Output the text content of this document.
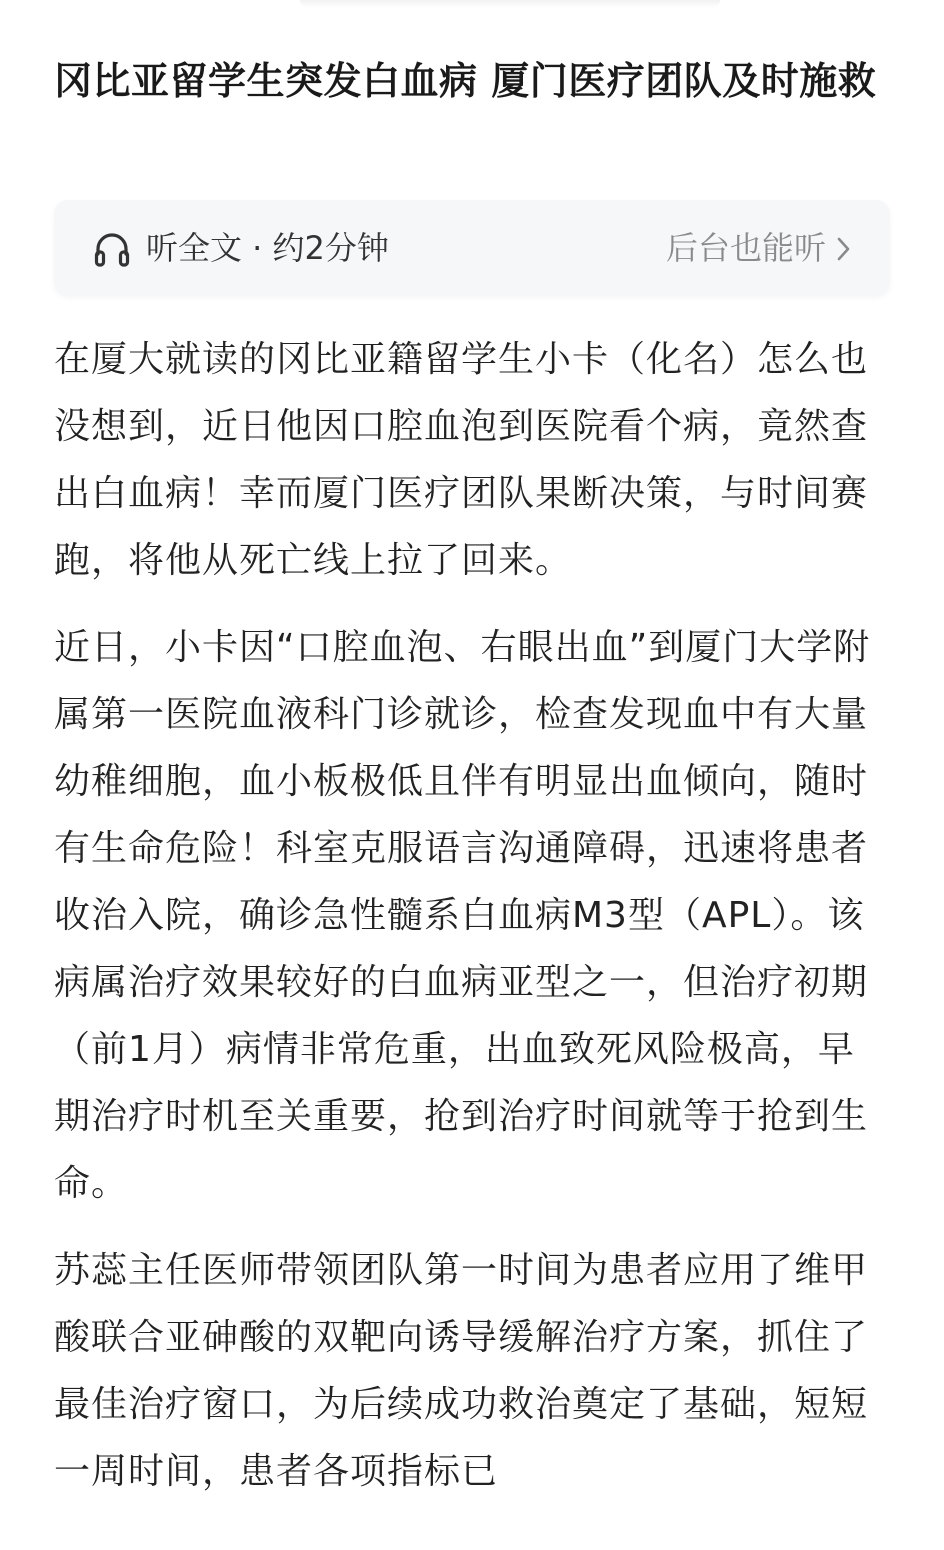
冈比亚留学生突发白血病 厦门医疗团队及时施救
听全文 · 约2分钟	后台也能听

在厦大就读的冈比亚籍留学生小卡（化名）怎么也没想到，近日他因口腔血泡到医院看个病，竟然查出白血病！幸而厦门医疗团队果断决策，与时间赛跑，将他从死亡线上拉了回来。

近日，小卡因“口腔血泡、右眼出血”到厦门大学附属第一医院血液科门诊就诊，检查发现血中有大量幼稚细胞，血小板极低且伴有明显出血倾向，随时有生命危险！科室克服语言沟通障碍，迅速将患者收治入院，确诊急性髓系白血病M3型（APL）。该病属治疗效果较好的白血病亚型之一，但治疗初期（前1月）病情非常危重，出血致死风险极高，早期治疗时机至关重要，抢到治疗时间就等于抢到生命。

苏蕊主任医师带领团队第一时间为患者应用了维甲酸联合亚砷酸的双靶向诱导缓解治疗方案，抓住了最佳治疗窗口，为后续成功救治奠定了基础，短短一周时间，患者各项指标已
